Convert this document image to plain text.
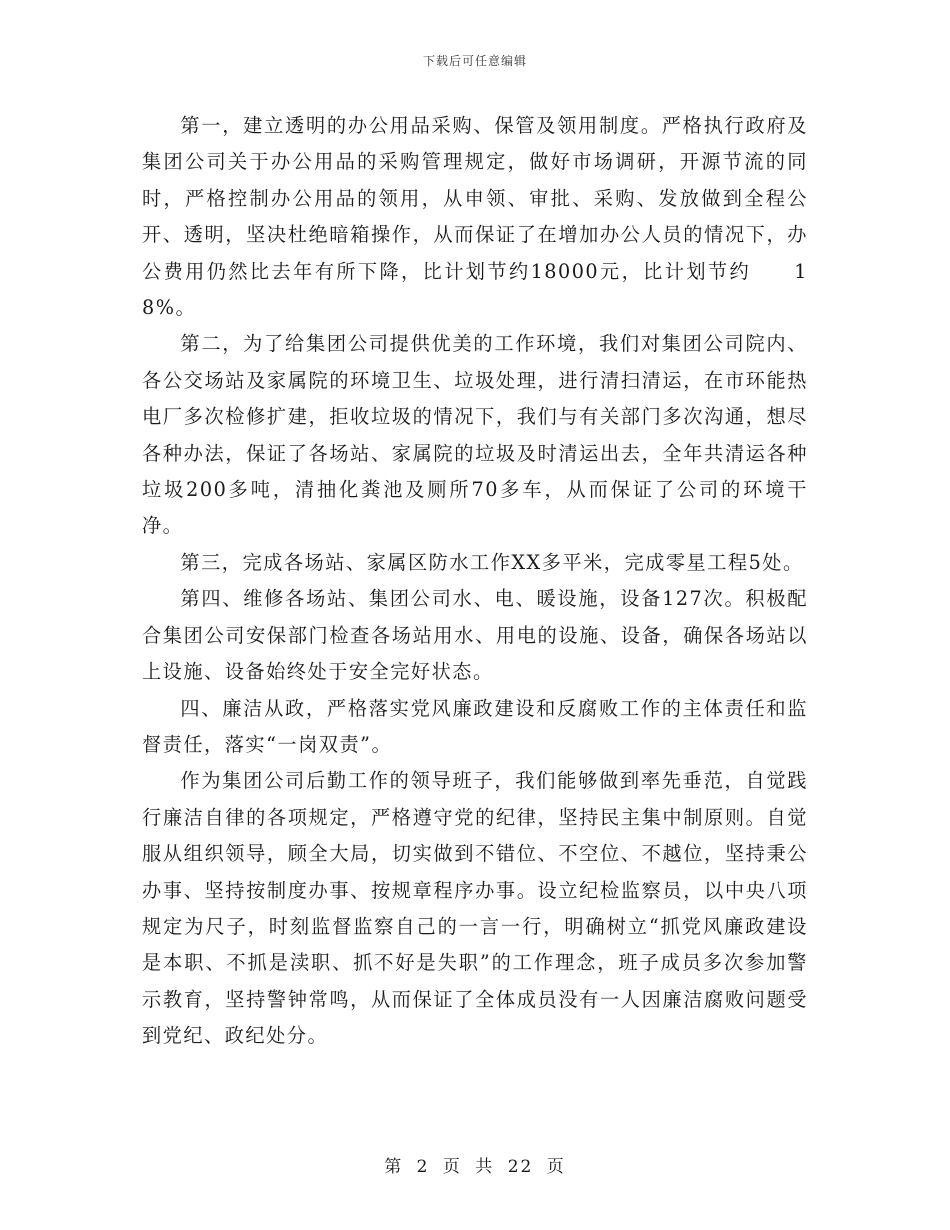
下载后可任意编辑

第一，建立透明的办公用品采购、保管及领用制度。严格执行政府及集团公司关于办公用品的采购管理规定，做好市场调研，开源节流的同时，严格控制办公用品的领用，从申领、审批、采购、发放做到全程公开、透明，坚决杜绝暗箱操作，从而保证了在增加办公人员的情况下，办公费用仍然比去年有所下降，比计划节约18000元，比计划节约　　18%。

第二，为了给集团公司提供优美的工作环境，我们对集团公司院内、各公交场站及家属院的环境卫生、垃圾处理，进行清扫清运，在市环能热电厂多次检修扩建，拒收垃圾的情况下，我们与有关部门多次沟通，想尽各种办法，保证了各场站、家属院的垃圾及时清运出去，全年共清运各种垃圾200多吨，清抽化粪池及厕所70多车，从而保证了公司的环境干净。

第三，完成各场站、家属区防水工作XX多平米，完成零星工程5处。

第四、维修各场站、集团公司水、电、暖设施，设备127次。积极配合集团公司安保部门检查各场站用水、用电的设施、设备，确保各场站以上设施、设备始终处于安全完好状态。

四、廉洁从政，严格落实党风廉政建设和反腐败工作的主体责任和监督责任，落实“一岗双责”。

作为集团公司后勤工作的领导班子，我们能够做到率先垂范，自觉践行廉洁自律的各项规定，严格遵守党的纪律，坚持民主集中制原则。自觉服从组织领导，顾全大局，切实做到不错位、不空位、不越位，坚持秉公办事、坚持按制度办事、按规章程序办事。设立纪检监察员，以中央八项规定为尺子，时刻监督监察自己的一言一行，明确树立“抓党风廉政建设是本职、不抓是渎职、抓不好是失职”的工作理念，班子成员多次参加警示教育，坚持警钟常鸣，从而保证了全体成员没有一人因廉洁腐败问题受到党纪、政纪处分。

第 2 页 共 22 页
